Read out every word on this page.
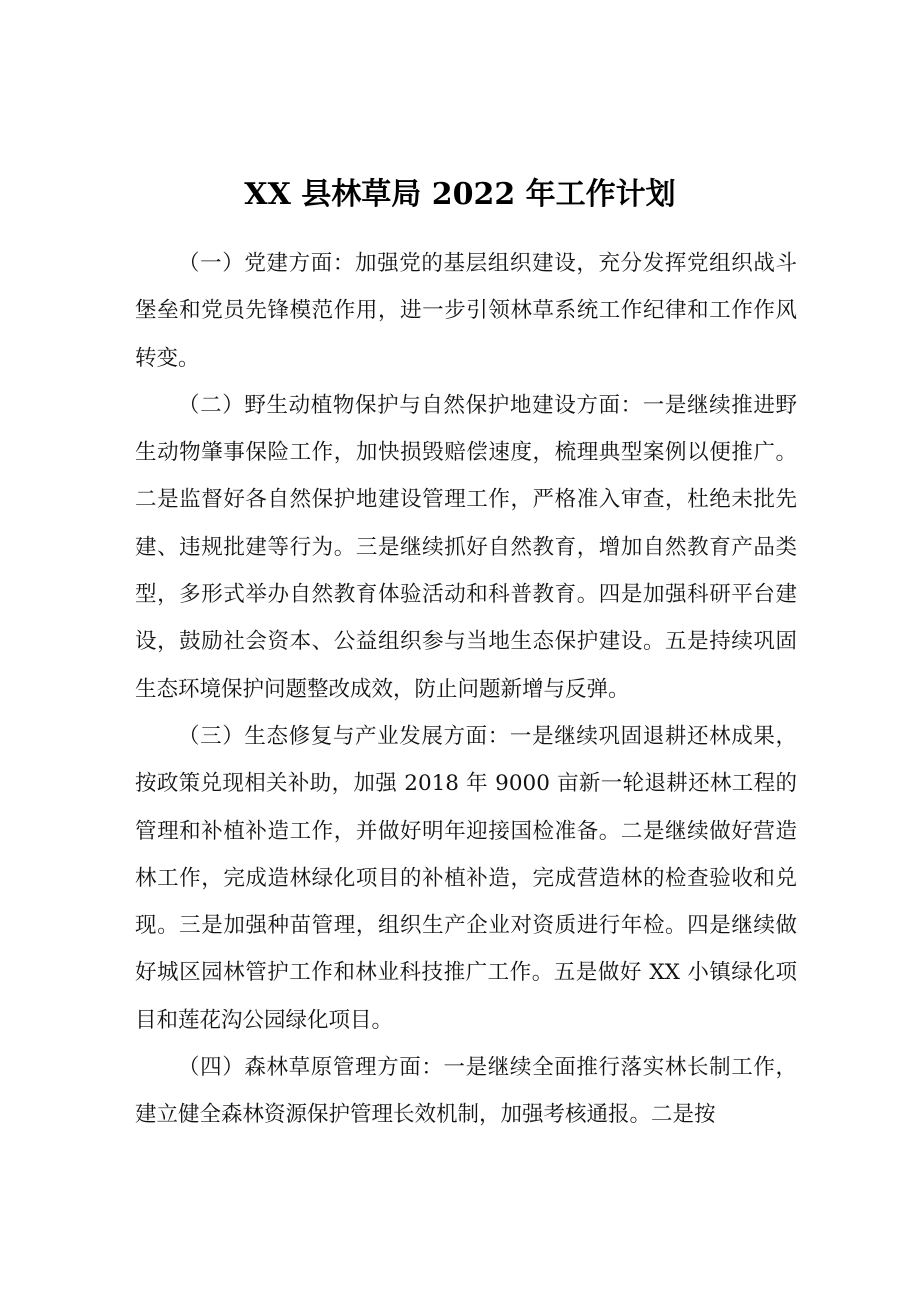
XX 县林草局 2022 年工作计划

（一）党建方面：加强党的基层组织建设，充分发挥党组织战斗堡垒和党员先锋模范作用，进一步引领林草系统工作纪律和工作作风转变。

（二）野生动植物保护与自然保护地建设方面：一是继续推进野生动物肇事保险工作，加快损毁赔偿速度，梳理典型案例以便推广。二是监督好各自然保护地建设管理工作，严格准入审查，杜绝未批先建、违规批建等行为。三是继续抓好自然教育，增加自然教育产品类型，多形式举办自然教育体验活动和科普教育。四是加强科研平台建设，鼓励社会资本、公益组织参与当地生态保护建设。五是持续巩固生态环境保护问题整改成效，防止问题新增与反弹。

（三）生态修复与产业发展方面：一是继续巩固退耕还林成果，按政策兑现相关补助，加强 2018 年 9000 亩新一轮退耕还林工程的管理和补植补造工作，并做好明年迎接国检准备。二是继续做好营造林工作，完成造林绿化项目的补植补造，完成营造林的检查验收和兑现。三是加强种苗管理，组织生产企业对资质进行年检。四是继续做好城区园林管护工作和林业科技推广工作。五是做好 XX 小镇绿化项目和莲花沟公园绿化项目。

（四）森林草原管理方面：一是继续全面推行落实林长制工作，建立健全森林资源保护管理长效机制，加强考核通报。二是按
